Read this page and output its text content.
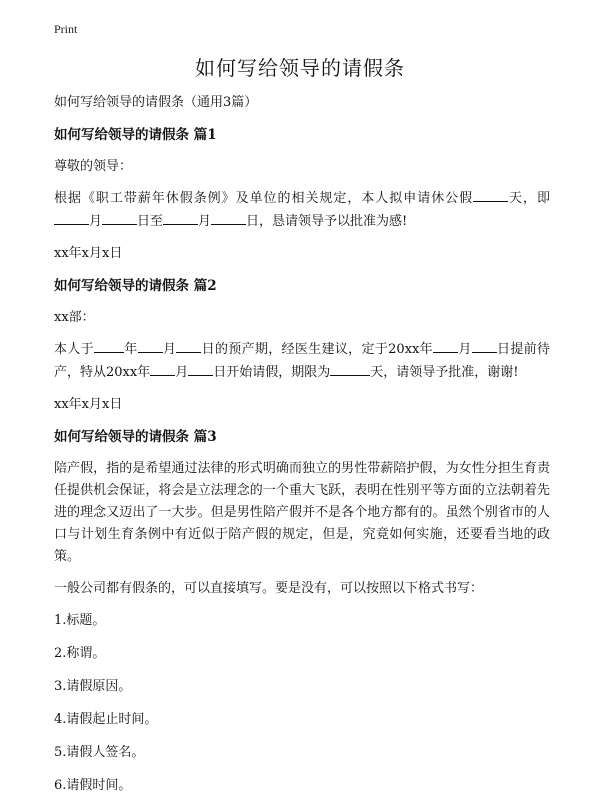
Print
如何写给领导的请假条

如何写给领导的请假条（通用3篇）

如何写给领导的请假条 篇1

尊敬的领导：

根据《职工带薪年休假条例》及单位的相关规定，本人拟申请休公假	天，即月	日至	月	日，恳请领导予以批准为感!

xx年x月x日

如何写给领导的请假条 篇2

xx部：

本人于 年 月 日的预产期，经医生建议，定于20xx年 月 日提前待产，特从20xx年 月 日开始请假，期限为	天，请领导予批准，谢谢!

xx年x月x日

如何写给领导的请假条 篇3

陪产假，指的是希望通过法律的形式明确而独立的男性带薪陪护假，为女性分担生育责任提供机会保证，将会是立法理念的一个重大飞跃，表明在性别平等方面的立法朝着先进的理念又迈出了一大步。但是男性陪产假并不是各个地方都有的。虽然个别省市的人口与计划生育条例中有近似于陪产假的规定，但是，究竟如何实施，还要看当地的政策。

一般公司都有假条的，可以直接填写。要是没有，可以按照以下格式书写：

1.标题。

2.称谓。

3.请假原因。

4.请假起止时间。

5.请假人签名。

6.请假时间。
